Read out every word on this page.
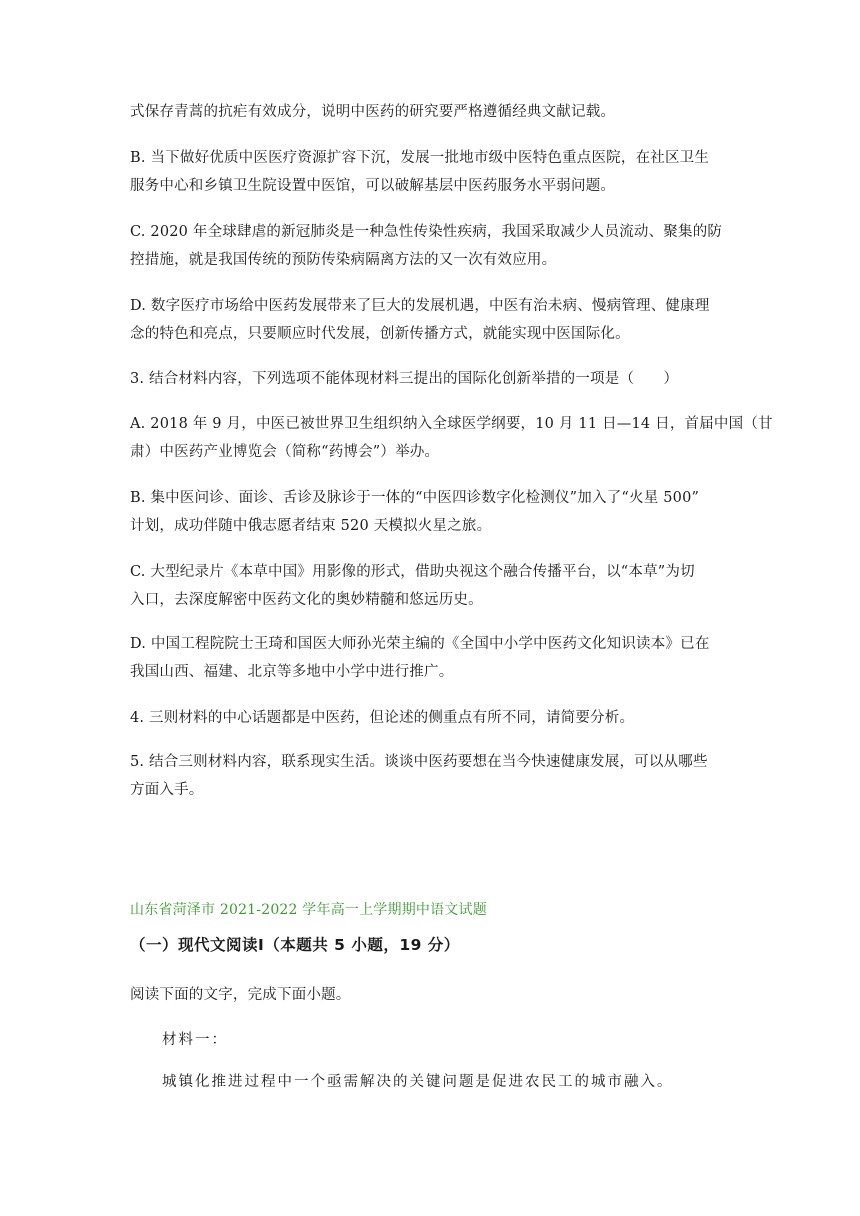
式保存青蒿的抗疟有效成分，说明中医药的研究要严格遵循经典文献记载。
B. 当下做好优质中医医疗资源扩容下沉，发展一批地市级中医特色重点医院，在社区卫生
服务中心和乡镇卫生院设置中医馆，可以破解基层中医药服务水平弱问题。
C. 2020 年全球肆虐的新冠肺炎是一种急性传染性疾病，我国采取减少人员流动、聚集的防
控措施，就是我国传统的预防传染病隔离方法的又一次有效应用。
D. 数字医疗市场给中医药发展带来了巨大的发展机遇，中医有治未病、慢病管理、健康理
念的特色和亮点，只要顺应时代发展，创新传播方式，就能实现中医国际化。
3. 结合材料内容，下列选项不能体现材料三提出的国际化创新举措的一项是（　　）
A. 2018 年 9 月，中医已被世界卫生组织纳入全球医学纲要，10 月 11 日—14 日，首届中国（甘
肃）中医药产业博览会（简称“药博会”）举办。
B. 集中医问诊、面诊、舌诊及脉诊于一体的“中医四诊数字化检测仪”加入了“火星 500”
计划，成功伴随中俄志愿者结束 520 天模拟火星之旅。
C. 大型纪录片《本草中国》用影像的形式，借助央视这个融合传播平台，以“本草”为切
入口，去深度解密中医药文化的奥妙精髓和悠远历史。
D. 中国工程院院士王琦和国医大师孙光荣主编的《全国中小学中医药文化知识读本》已在
我国山西、福建、北京等多地中小学中进行推广。
4. 三则材料的中心话题都是中医药，但论述的侧重点有所不同，请简要分析。
5. 结合三则材料内容，联系现实生活。谈谈中医药要想在当今快速健康发展，可以从哪些
方面入手。
山东省菏泽市 2021-2022 学年高一上学期期中语文试题
（一）现代文阅读Ⅰ（本题共 5 小题，19 分）
阅读下面的文字，完成下面小题。
材料一：
城镇化推进过程中一个亟需解决的关键问题是促进农民工的城市融入。
